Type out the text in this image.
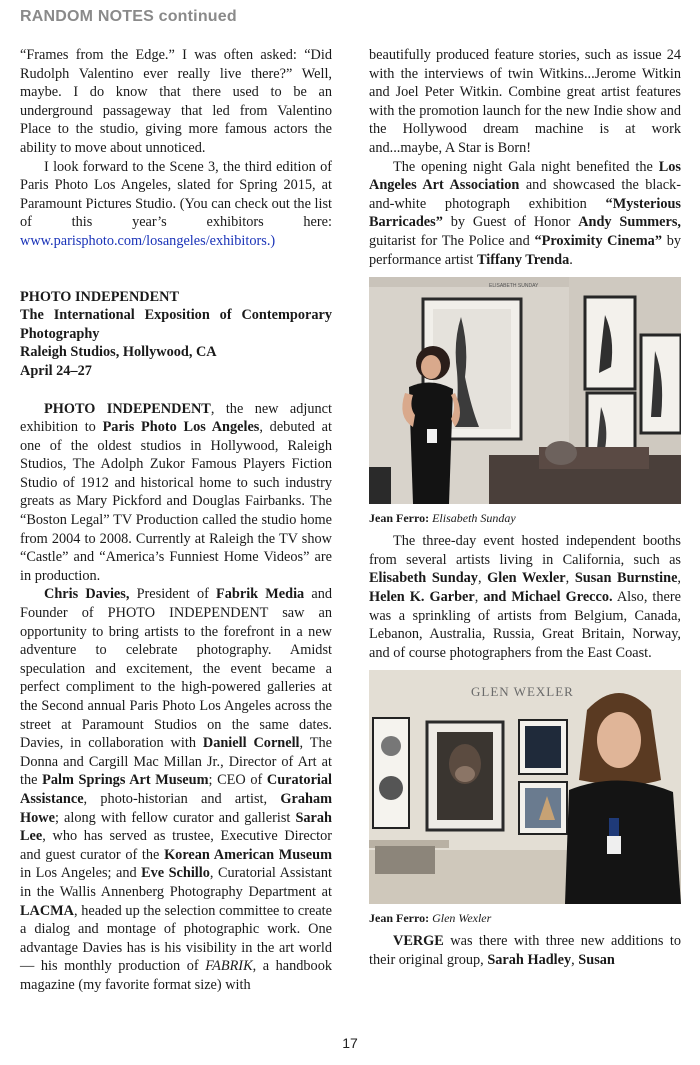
RANDOM NOTES continued

“Frames from the Edge.” I was often asked: “Did Rudolph Valentino ever really live there?” Well, maybe. I do know that there used to be an underground passageway that led from Valentino Place to the studio, giving more famous actors the ability to move about unnoticed.

I look forward to the Scene 3, the third edition of Paris Photo Los Angeles, slated for Spring 2015, at Paramount Pictures Studio. (You can check out the list of this year’s exhibitors here: www.parisphoto.com/losangeles/exhibitors.)

PHOTO INDEPENDENT
The International Exposition of Contemporary Photography
Raleigh Studios, Hollywood, CA
April 24–27

PHOTO INDEPENDENT, the new adjunct exhibition to Paris Photo Los Angeles, debuted at one of the oldest studios in Hollywood, Raleigh Studios, The Adolph Zukor Famous Players Fiction Studio of 1912 and historical home to such industry greats as Mary Pickford and Douglas Fairbanks. The “Boston Legal” TV Production called the studio home from 2004 to 2008. Currently at Raleigh the TV show “Castle” and “America’s Funniest Home Videos” are in production.

Chris Davies, President of Fabrik Media and Founder of PHOTO INDEPENDENT saw an opportunity to bring artists to the forefront in a new adventure to celebrate photography. Amidst speculation and excitement, the event became a perfect compliment to the high-powered galleries at the Second annual Paris Photo Los Angeles across the street at Paramount Studios on the same dates. Davies, in collaboration with Daniell Cornell, The Donna and Cargill Mac Millan Jr., Director of Art at the Palm Springs Art Museum; CEO of Curatorial Assistance, photo-historian and artist, Graham Howe; along with fellow curator and gallerist Sarah Lee, who has served as trustee, Executive Director and guest curator of the Korean American Museum in Los Angeles; and Eve Schillo, Curatorial Assistant in the Wallis Annenberg Photography Department at LACMA, headed up the selection committee to create a dialog and montage of photographic work. One advantage Davies has is his visibility in the art world — his monthly production of FABRIK, a handbook magazine (my favorite format size) with

beautifully produced feature stories, such as issue 24 with the interviews of twin Witkins...Jerome Witkin and Joel Peter Witkin. Combine great artist features with the promotion launch for the new Indie show and the Hollywood dream machine is at work and...maybe, A Star is Born!

The opening night Gala night benefited the Los Angeles Art Association and showcased the black-and-white photograph exhibition “Mysterious Barricades” by Guest of Honor Andy Summers, guitarist for The Police and “Proximity Cinema” by performance artist Tiffany Trenda.

ELISABETH SUNDAY
Jean Ferro: Elisabeth Sunday

The three-day event hosted independent booths from several artists living in California, such as Elisabeth Sunday, Glen Wexler, Susan Burnstine, Helen K. Garber, and Michael Grecco. Also, there was a sprinkling of artists from Belgium, Canada, Lebanon, Australia, Russia, Great Britain, Norway, and of course photographers from the East Coast.

GLEN WEXLER
Jean Ferro: Glen Wexler

VERGE was there with three new additions to their original group, Sarah Hadley, Susan

17
